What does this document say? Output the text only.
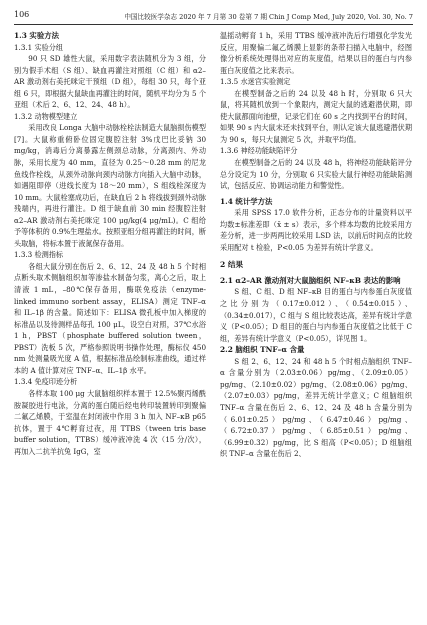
106	中国比较医学杂志 2020 年 7 月第 30 卷第 7 期 Chin J Comp Med, July 2020, Vol. 30, No. 7
1.3 实验方法
1.3.1 实验分组

90 只 SD 雄性大鼠，采用数字表法随机分为 3 组，分别为假手术组（S 组）、缺血再灌注对照组（C 组）和 α2–AR 激动剂右美托咪定干预组（D 组），每组 30 只，每个亚组 6 只，即根据大鼠缺血再灌注的时间，随机平均分为 5 个亚组（术后 2、6、12、24、48 h）。

1.3.2 动物模型建立

采用改良 Longa 大脑中动脉栓栓法制造大鼠脑损伤模型[7]。大鼠称重俯卧位固定腹腔注射 3%戊巴比妥钠 30 mg/kg，消毒后分离暴露左侧颈总动脉，分离颈内、外动脉，采用长度为 40 mm，直径为 0.25～0.28 mm 的尼龙鱼线作栓线，从颈外动脉向颈内动脉方向插入大脑中动脉，如遇阻即停（进线长度为 18～20 mm），S 组线栓深度为 10 mm。大鼠栓塞成功后，在缺血后 2 h 将线拔到颈外动脉残端内，再进行灌注。D 组于缺血前 30 min 经腹腔注射 α2–AR 激动剂右美托咪定 100 μg/kg(4 μg/mL)。C 组给予等体积的 0.9%生理盐水。按照亚组分组再灌注的时间，断头取脑，将标本置于液氮保存备用。

1.3.3 检测指标

各组大鼠分别在伤后 2、6、12、24 及 48 h 5 个时相点断头取术侧脑组织加等渗盐水制备匀浆，离心之后，取上清液 1 mL，–80℃保存备用，酶联免疫法（enzyme-linked immuno sorbent assay，ELISA）测定 TNF–α 和 IL–1β 的含量。简述如下：ELISA 微孔板中加入梯度的标准品以及待测样品每孔 100 μL，设空白对照，37℃水浴 1 h，PBST（phosphate buffered solution tween，PBST）洗板 5 次，严格参照说明书操作处理，酶标仪 450 nm 处测量吸光度 A 值，根据标准品绘制标准曲线，通过样本的 A 值计算对应 TNF–α、IL–1β 水平。

1.3.4 免疫印迹分析

各样本取 100 μg 大鼠脑组织样本置于 12.5%聚丙烯酰胺凝胶进行电泳，分离的蛋白随后经电转印装置转印到聚偏二氟乙烯膜，于室温在封闭液中作用 3 h 加入 NF–κB p65 抗体，置于 4℃孵育过夜，用 TTBS（tween tris base buffer solution，TTBS）缓冲液冲洗 4 次（15 分/次），再加入二抗羊抗兔 IgG，室

温摇动孵育 1 h，采用 TTBS 缓冲液冲洗后行增强化学发光反应，用聚偏二氟乙烯膜上显影的条带扫描入电脑中，经图像分析系统处理得出对应的灰度值，结果以目的蛋白与内参蛋白灰度值之比来表示。

1.3.5 水迷宫实验测定

在模型制备之后的 24 以及 48 h 时，分别取 6 只大鼠，将其随机放到一个象限内，测定大鼠的逃避潜伏期，即使大鼠都面向池壁，记录它们在 60 s 之内找到平台的时间，如果 90 s 内大鼠未还未找到平台，则认定该大鼠逃避潜伏期为 90 s，每只大鼠测定 5 次，并取平均值。

1.3.6 神经功能缺陷评分

在模型制备之后的 24 以及 48 h，将神经功能缺陷评分总分设定为 10 分，分别取 6 只实验大鼠行神经功能缺陷测试，包括反应、协调运动能力和警觉性。

1.4 统计学方法

采用 SPSS 17.0 软件分析，正态分布的计量资料以平均数±标准差即（x̄ ± s）表示，多个样本均数的比较采用方差分析，进一步两两比较采用 LSD 法，以前后时间点的比较采用配对 t 检验，P<0.05 为差异有统计学意义。

2 结果
2.1 α2–AR 激动剂对大鼠脑组织 NF–κB 表达的影响

S 组、C 组、D 组 NF–κB 目的蛋白与内参蛋白灰度值之比分别为（0.17±0.012）、（0.54±0.015）、（0.34±0.017），C 组与 S 组比较表达高，差异有统计学意义（P<0.05）；D 组目的蛋白与内参蛋白灰度值之比低于 C 组，差异有统计学意义（P<0.05），详见图 1。

2.2 脑组织 TNF–α 含量

S 组 2、6、12、24 和 48 h 5 个时相点脑组织 TNF–α 含量分别为（2.03±0.06）pg/mg、（2.09±0.05）pg/mg、（2.10±0.02）pg/mg、（2.08±0.06）pg/mg、（2.07±0.03）pg/mg，差异无统计学意义；C 组脑组织 TNF–α 含量在伤后 2、6、12、24 及 48 h 含量分别为（6.01±0.25）pg/mg、（6.47±0.46）pg/mg、（6.72±0.37）pg/mg、（6.85±0.51）pg/mg、（6.99±0.32）pg/mg，比 S 组高（P<0.05）；D 组脑组织 TNF–α 含量在伤后 2、
